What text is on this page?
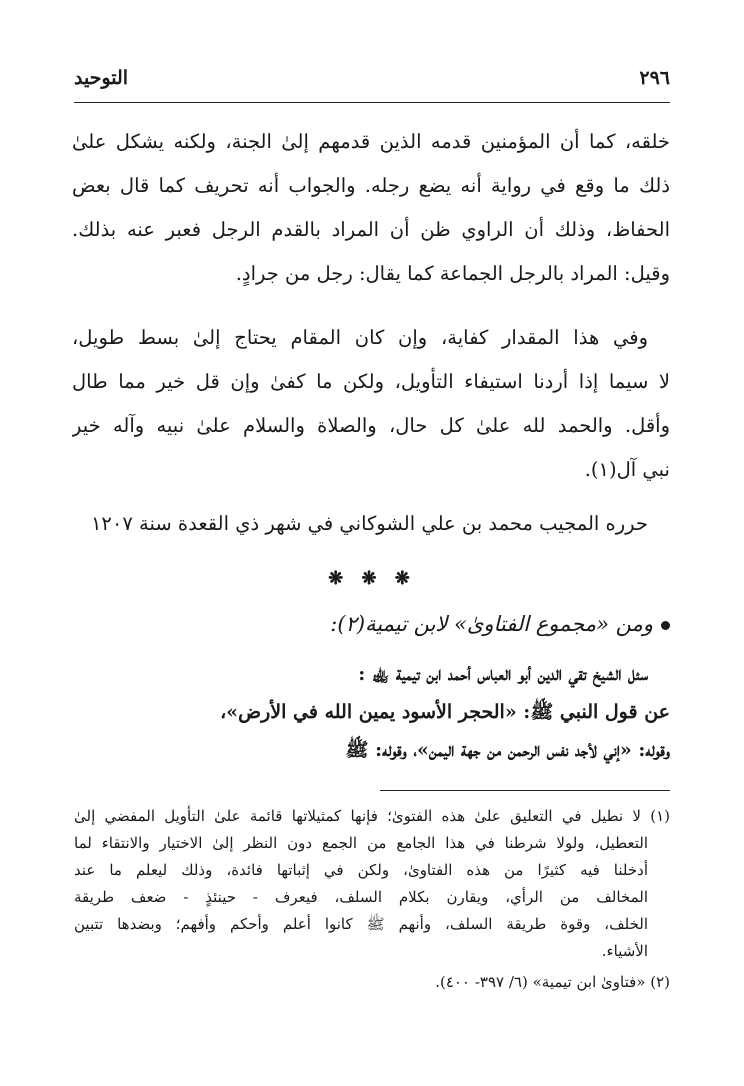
٢٩٦
التوحيد
خلقه، كما أن المؤمنين قدمه الذين قدمهم إلىٰ الجنة، ولكنه يشكل علىٰ
ذلك ما وقع في رواية أنه يضع رجله. والجواب أنه تحريف كما قال بعض
الحفاظ، وذلك أن الراوي ظن أن المراد بالقدم الرجل فعبر عنه بذلك.
وقيل: المراد بالرجل الجماعة كما يقال: رجل من جرادٍ.
وفي هذا المقدار كفاية، وإن كان المقام يحتاج إلىٰ بسط طويل،
لا سيما إذا أردنا استيفاء التأويل، ولكن ما كفىٰ وإن قل خير مما طال
وأقل. والحمد لله علىٰ كل حال، والصلاة والسلام علىٰ نبيه وآله خير
نبي آل(١).
حرره المجيب محمد بن علي الشوكاني في شهر ذي القعدة سنة ١٢٠٧
❋ ❋ ❋
ومن «مجموع الفتاوىٰ» لابن تيمية(٢):
سئل الشيخ تقي الدين أبو العباس أحمد ابن تيمية ﵀ :
عن قول النبي ﷺ: «الحجر الأسود يمين الله في الأرض»،
وقوله: «إني لأجد نفس الرحمن من جهة اليمن»، وقوله: ﷺ
(١) لا نطيل في التعليق علىٰ هذه الفتوىٰ؛ فإنها كمثيلاتها قائمة علىٰ التأويل المفضي إلىٰ
التعطيل، ولولا شرطنا في هذا الجامع من الجمع دون النظر إلىٰ الاختيار والانتقاء لما
أدخلنا فيه كثيرًا من هذه الفتاوىٰ، ولكن في إثباتها فائدة، وذلك ليعلم ما عند
المخالف من الرأي، ويقارن بكلام السلف، فيعرف - حينئذٍ - ضعف طريقة
الخلف، وقوة طريقة السلف، وأنهم ﷺ كانوا أعلم وأحكم وأفهم؛ وبضدها تتبين
الأشياء.
(٢) «فتاوىٰ ابن تيمية» (٦/ ٣٩٧- ٤٠٠).
